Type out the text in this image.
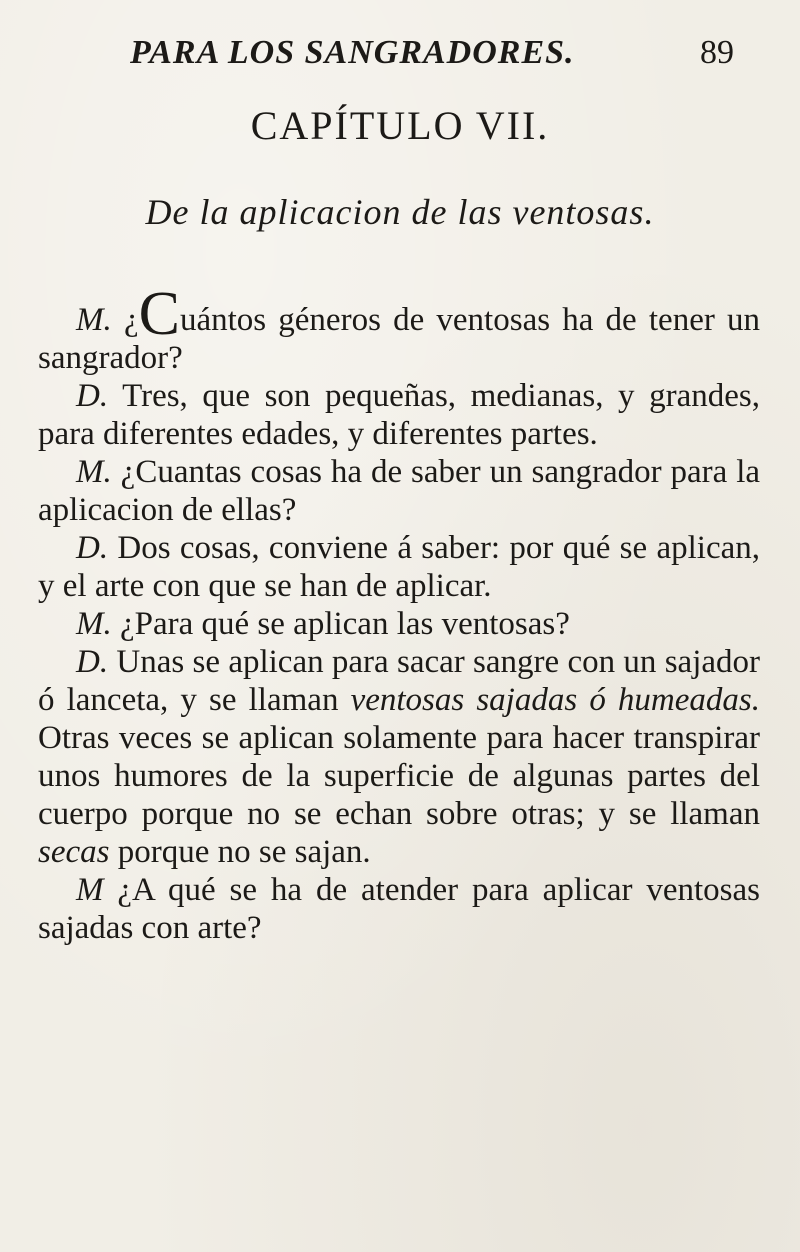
PARA LOS SANGRADORES.	89
CAPÍTULO VII.
De la aplicacion de las ventosas.

M. ¿Cuántos géneros de ventosas ha de tener un sangrador?

D. Tres, que son pequeñas, medianas, y grandes, para diferentes edades, y diferentes partes.

M. ¿Cuantas cosas ha de saber un sangrador para la aplicacion de ellas?

D. Dos cosas, conviene á saber: por qué se aplican, y el arte con que se han de aplicar.

M. ¿Para qué se aplican las ventosas?

D. Unas se aplican para sacar sangre con un sajador ó lanceta, y se llaman ventosas sajadas ó humeadas. Otras veces se aplican solamente para hacer transpirar unos humores de la superficie de algunas partes del cuerpo porque no se echan sobre otras; y se llaman secas porque no se sajan.

M ¿A qué se ha de atender para aplicar ventosas sajadas con arte?
